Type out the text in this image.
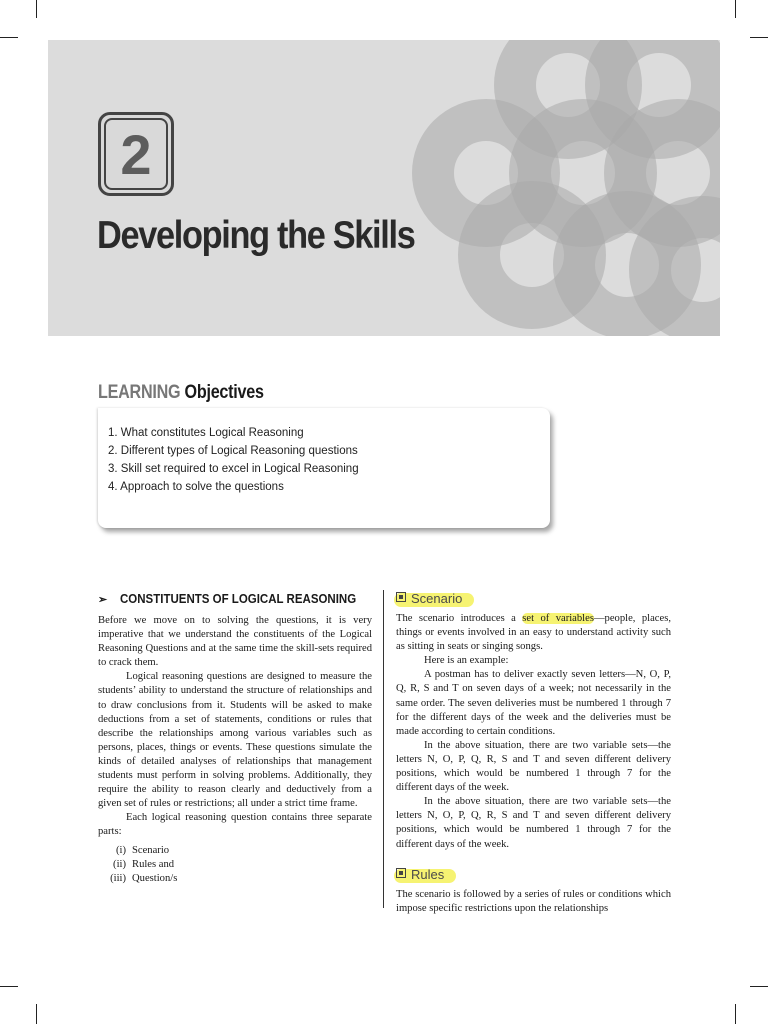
2
Developing the Skills
LEARNING Objectives
1. What constitutes Logical Reasoning
2. Different types of Logical Reasoning questions
3. Skill set required to excel in Logical Reasoning
4. Approach to solve the questions
➢ CONSTITUENTS OF LOGICAL REASONING

Before we move on to solving the questions, it is very imperative that we understand the constituents of the Logical Reasoning Questions and at the same time the skill-sets required to crack them.

Logical reasoning questions are designed to measure the students’ ability to understand the structure of relationships and to draw conclusions from it. Students will be asked to make deductions from a set of statements, conditions or rules that describe the relationships among various variables such as persons, places, things or events. These questions simulate the kinds of detailed analyses of relationships that management students must perform in solving problems. Additionally, they require the ability to reason clearly and deductively from a given set of rules or restrictions; all under a strict time frame.

Each logical reasoning question contains three separate parts:

(i) Scenario
(ii) Rules and
(iii) Question/s
Scenario

The scenario introduces a set of variables—people, places, things or events involved in an easy to understand activity such as sitting in seats or singing songs.

Here is an example:

A postman has to deliver exactly seven letters—N, O, P, Q, R, S and T on seven days of a week; not necessarily in the same order. The seven deliveries must be numbered 1 through 7 for the different days of the week and the deliveries must be made according to certain conditions.

In the above situation, there are two variable sets—the letters N, O, P, Q, R, S and T and seven different delivery positions, which would be numbered 1 through 7 for the different days of the week.

In the above situation, there are two variable sets—the letters N, O, P, Q, R, S and T and seven different delivery positions, which would be numbered 1 through 7 for the different days of the week.

Rules

The scenario is followed by a series of rules or conditions which impose specific restrictions upon the relationships
